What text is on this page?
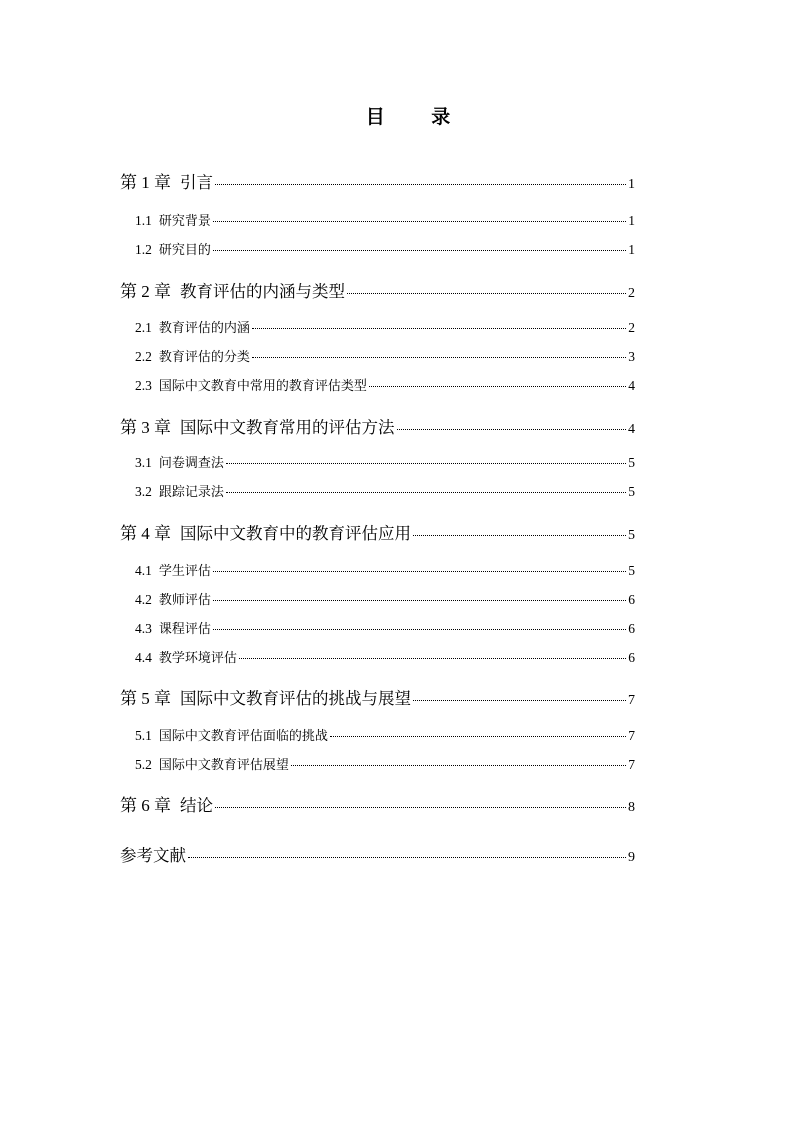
目 录
第 1 章 引言	1
1.1 研究背景	1
1.2 研究目的	1
第 2 章 教育评估的内涵与类型	2
2.1 教育评估的内涵	2
2.2 教育评估的分类	3
2.3 国际中文教育中常用的教育评估类型	4
第 3 章 国际中文教育常用的评估方法	4
3.1 问卷调查法	5
3.2 跟踪记录法	5
第 4 章 国际中文教育中的教育评估应用	5
4.1 学生评估	5
4.2 教师评估	6
4.3 课程评估	6
4.4 教学环境评估	6
第 5 章 国际中文教育评估的挑战与展望	7
5.1 国际中文教育评估面临的挑战	7
5.2 国际中文教育评估展望	7
第 6 章 结论	8
参考文献	9
